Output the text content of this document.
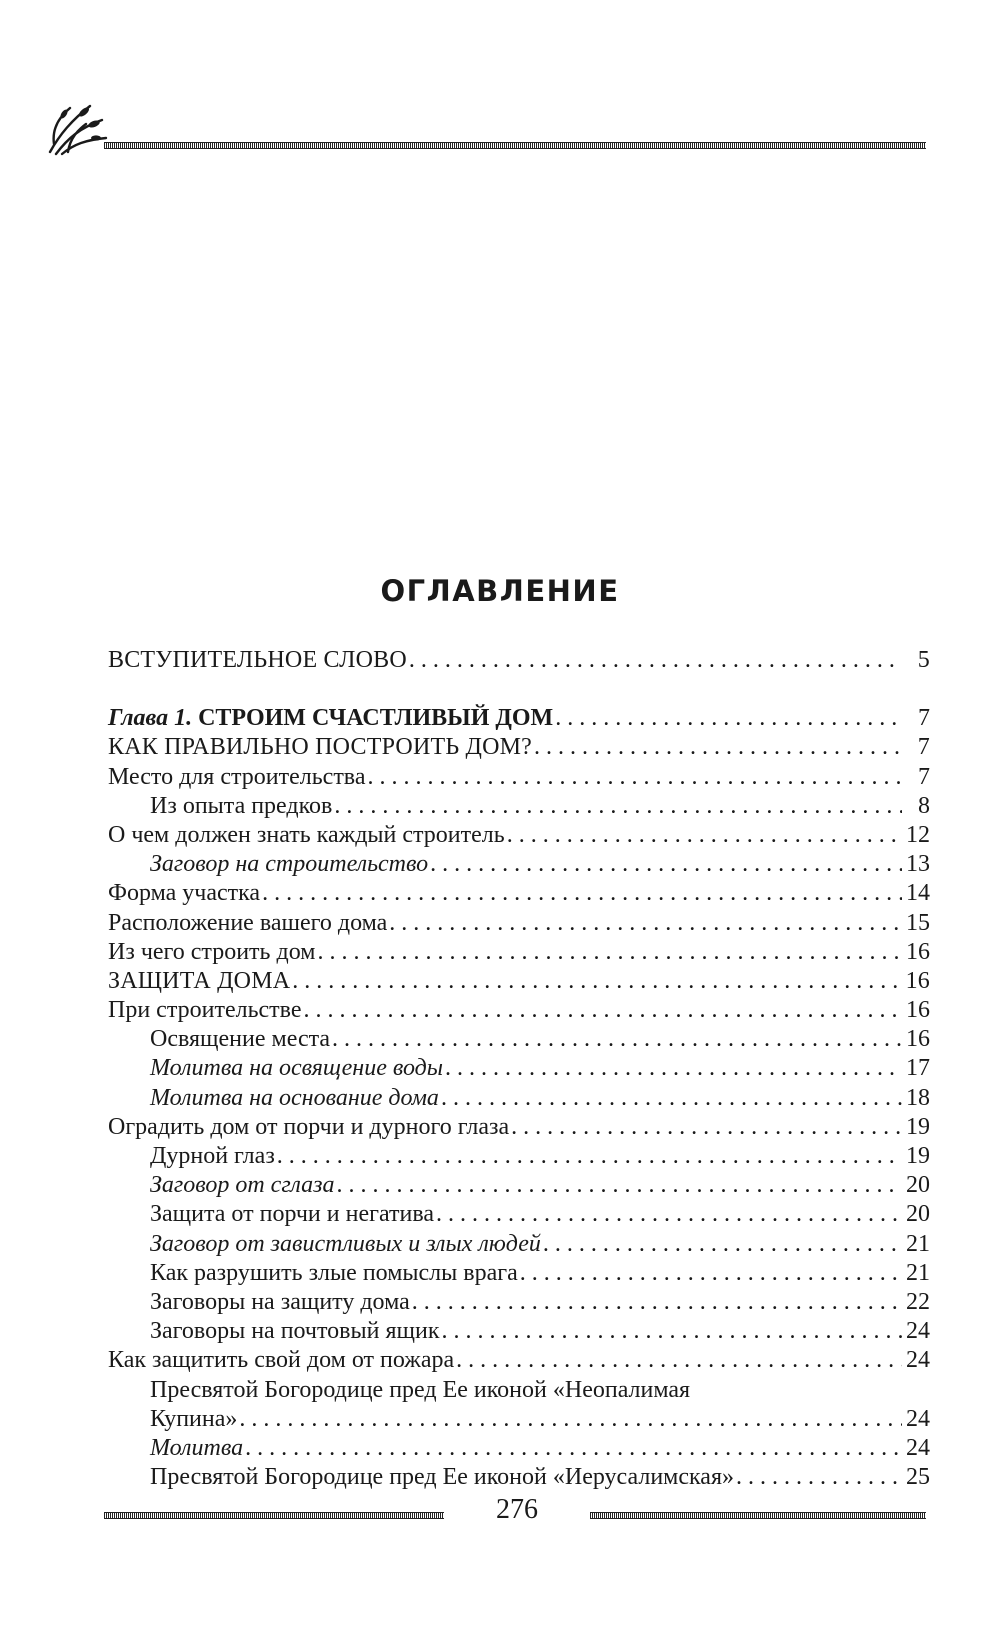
ОГЛАВЛЕНИЕ
ВСТУПИТЕЛЬНОЕ СЛОВО . . .	5
Глава 1. СТРОИМ СЧАСТЛИВЫЙ ДОМ . . .	7
КАК ПРАВИЛЬНО ПОСТРОИТЬ ДОМ? . . .	7
Место для строительства . . .	7
Из опыта предков . . .	8
О чем должен знать каждый строитель . . .	12
Заговор на строительство . . .	13
Форма участка . . .	14
Расположение вашего дома . . .	15
Из чего строить дом . . .	16
ЗАЩИТА ДОМА . . .	16
При строительстве . . .	16
Освящение места . . .	16
Молитва на освящение воды . . .	17
Молитва на основание дома . . .	18
Оградить дом от порчи и дурного глаза . . .	19
Дурной глаз . . .	19
Заговор от сглаза . . .	20
Защита от порчи и негатива . . .	20
Заговор от завистливых и злых людей . . .	21
Как разрушить злые помыслы врага . . .	21
Заговоры на защиту дома . . .	22
Заговоры на почтовый ящик . . .	24
Как защитить свой дом от пожара . . .	24
Пресвятой Богородице пред Ее иконой «Неопалимая
Купина» . . .	24
Молитва . . .	24
Пресвятой Богородице пред Ее иконой «Иерусалимская» . . .	25
276
